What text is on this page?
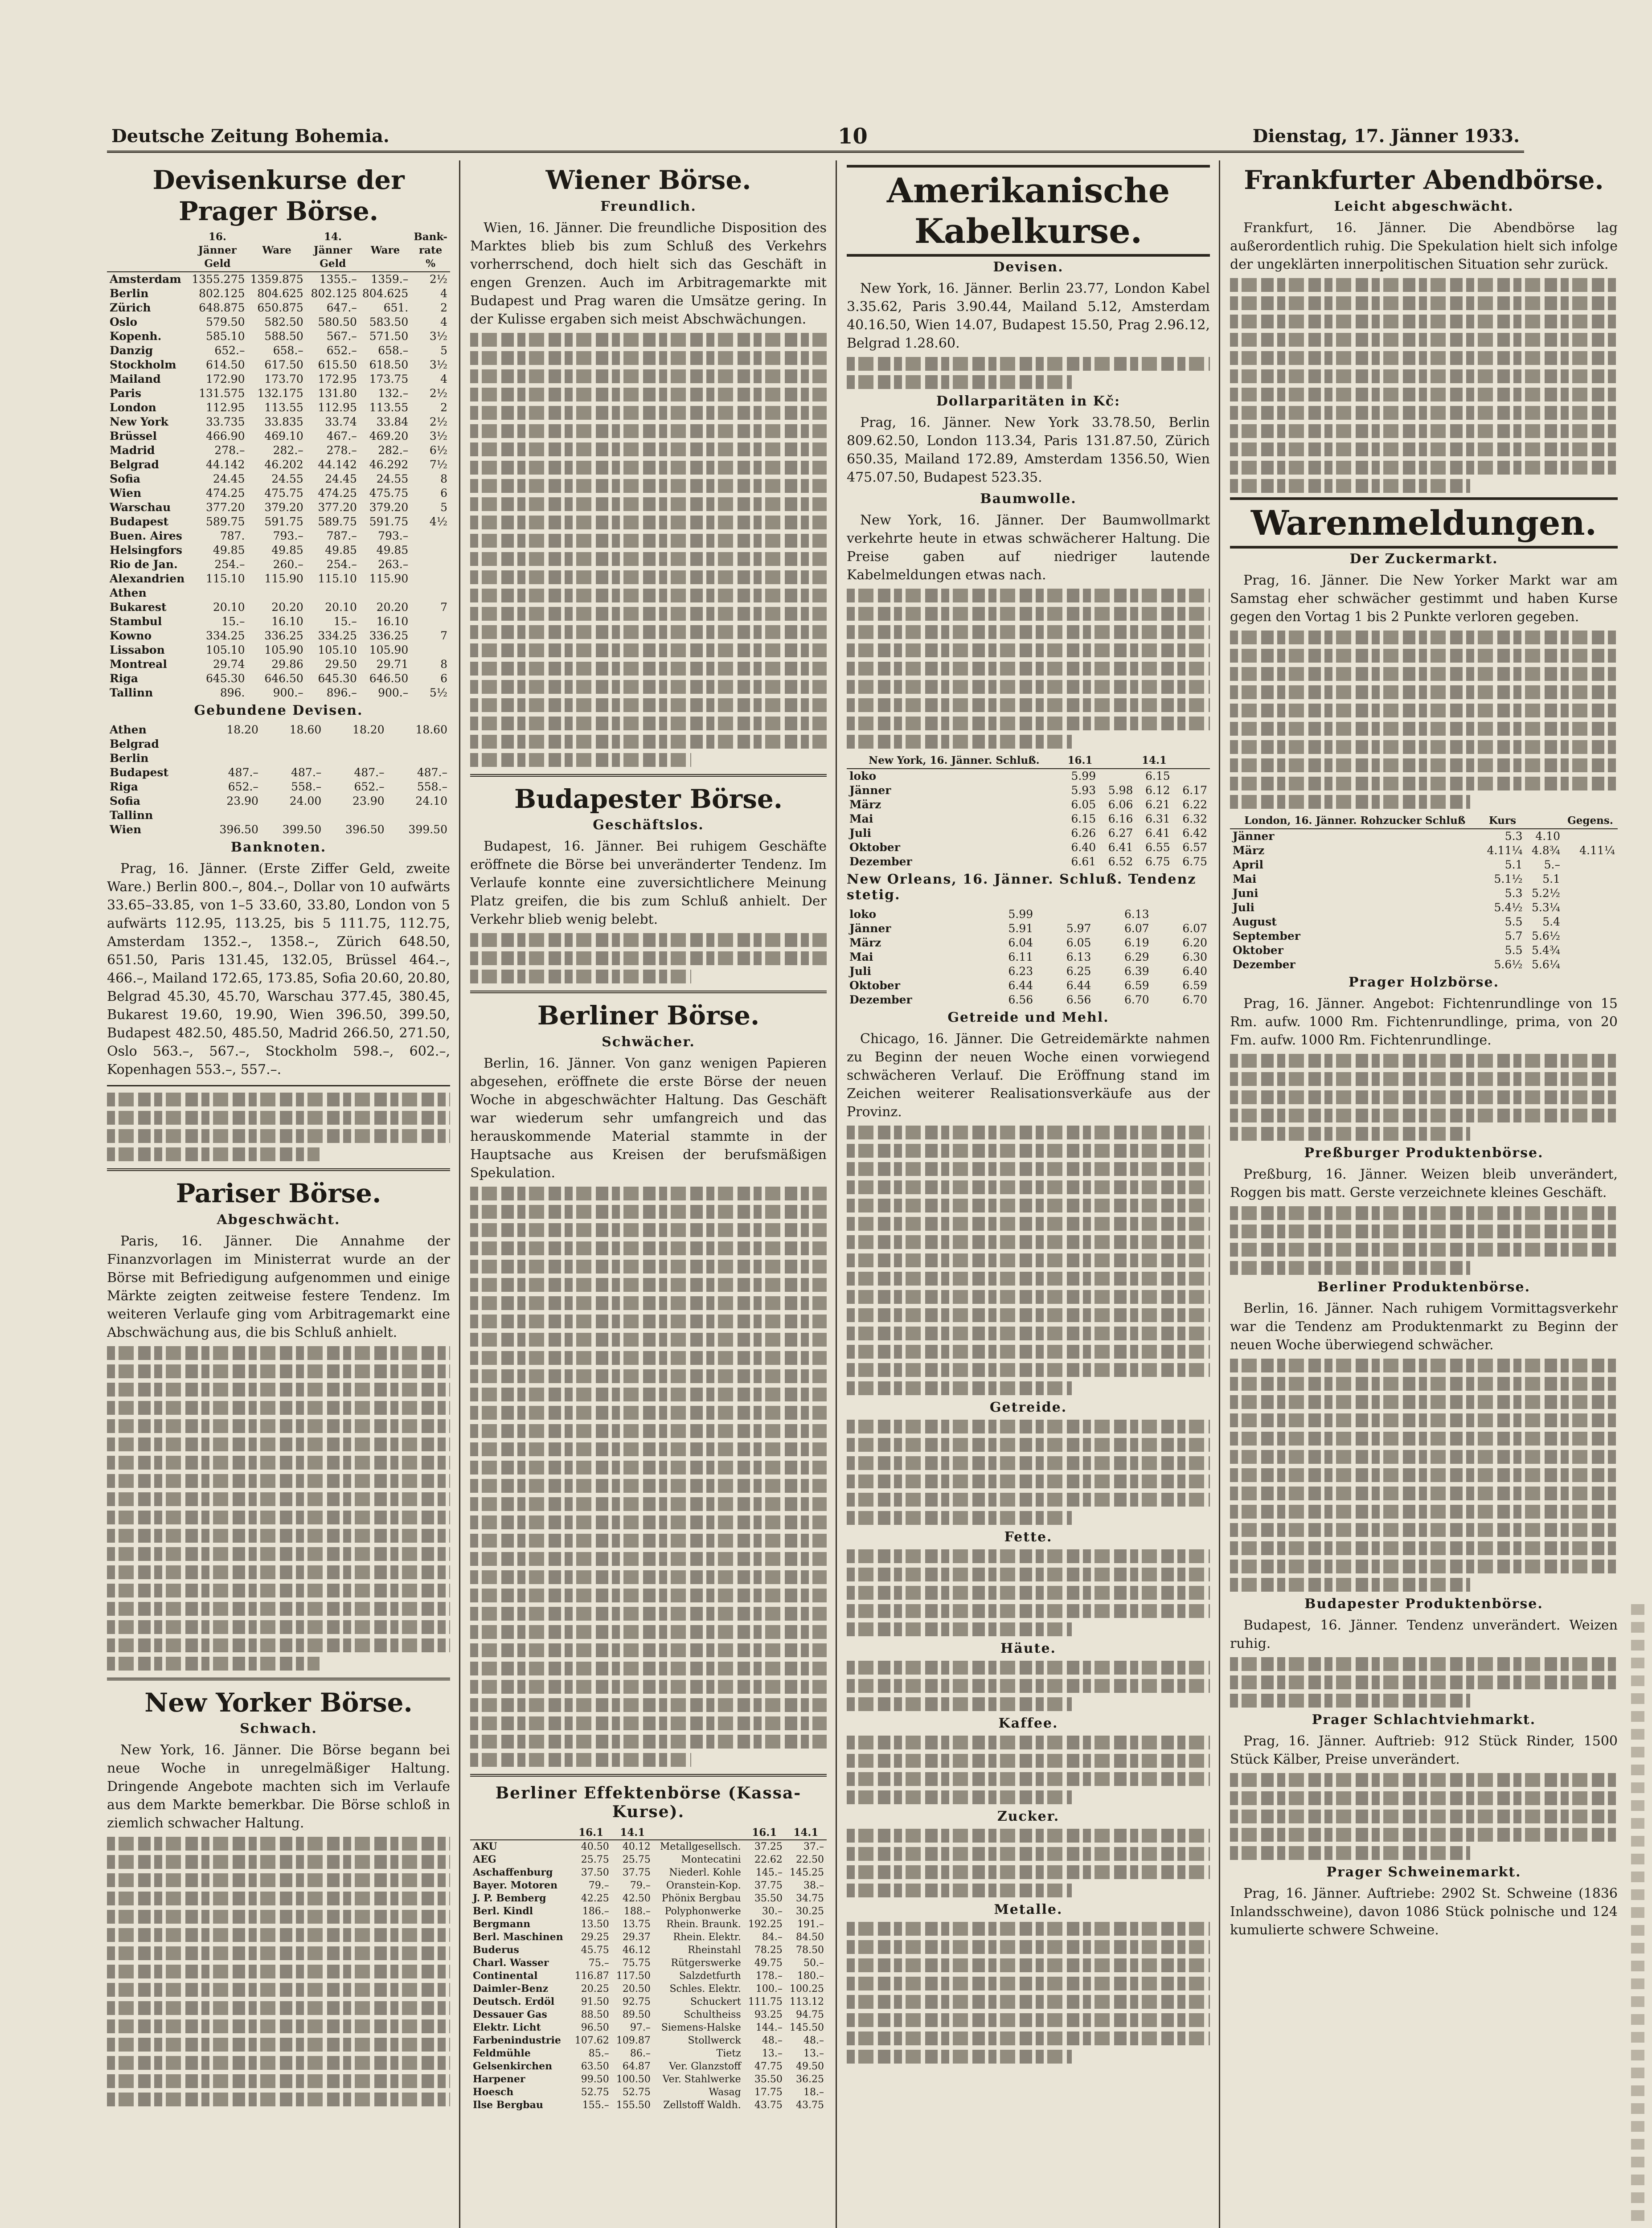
Deutsche Zeitung Bohemia.	10	Dienstag, 17. Jänner 1933.
Devisenkurse der Prager Börse.
	16. Jänner Geld	Ware	14. Jänner Geld	Ware	Bank-rate %
Amsterdam	1355.275	1359.875	1355.–	1359.–	2½
Berlin	802.125	804.625	802.125	804.625	4
Zürich	648.875	650.875	647.–	651.	2
Oslo	579.50	582.50	580.50	583.50	4
Kopenh.	585.10	588.50	567.–	571.50	3½
Danzig	652.–	658.–	652.–	658.–	5
Stockholm	614.50	617.50	615.50	618.50	3½
Mailand	172.90	173.70	172.95	173.75	4
Paris	131.575	132.175	131.80	132.–	2½
London	112.95	113.55	112.95	113.55	2
New York	33.735	33.835	33.74	33.84	2½
Brüssel	466.90	469.10	467.–	469.20	3½
Madrid	278.–	282.–	278.–	282.–	6½
Belgrad	44.142	46.202	44.142	46.292	7½
Sofia	24.45	24.55	24.45	24.55	8
Wien	474.25	475.75	474.25	475.75	6
Warschau	377.20	379.20	377.20	379.20	5
Budapest	589.75	591.75	589.75	591.75	4½
Buen. Aires	787.	793.–	787.–	793.–	
Helsingfors	49.85	49.85	49.85	49.85	
Rio de Jan.	254.–	260.–	254.–	263.–	
Alexandrien	115.10	115.90	115.10	115.90	
Athen					
Bukarest	20.10	20.20	20.10	20.20	7
Stambul	15.–	16.10	15.–	16.10	
Kowno	334.25	336.25	334.25	336.25	7
Lissabon	105.10	105.90	105.10	105.90	
Montreal	29.74	29.86	29.50	29.71	8
Riga	645.30	646.50	645.30	646.50	6
Tallinn	896.	900.–	896.–	900.–	5½
Gebundene Devisen.
Athen	18.20	18.60	18.20	18.60
Belgrad				
Berlin				
Budapest	487.–	487.–	487.–	487.–
Riga	652.–	558.–	652.–	558.–
Sofia	23.90	24.00	23.90	24.10
Tallinn				
Wien	396.50	399.50	396.50	399.50
Banknoten.
Prag, 16. Jänner. (Erste Ziffer Geld, zweite Ware.) Berlin 800.–, 804.–, Dollar von 10 aufwärts 33.65–33.85, von 1–5 33.60, 33.80, London von 5 aufwärts 112.95, 113.25, bis 5 111.75, 112.75, Amsterdam 1352.–, 1358.–, Zürich 648.50, 651.50, Paris 131.45, 132.05, Brüssel 464.–, 466.–, Mailand 172.65, 173.85, Sofia 20.60, 20.80, Belgrad 45.30, 45.70, Warschau 377.45, 380.45, Bukarest 19.60, 19.90, Wien 396.50, 399.50, Budapest 482.50, 485.50, Madrid 266.50, 271.50, Oslo 563.–, 567.–, Stockholm 598.–, 602.–, Kopenhagen 553.–, 557.–.
Pariser Börse.
Abgeschwächt.
Paris, 16. Jänner. Die Annahme der Finanzvorlagen im Ministerrat wurde an der Börse mit Befriedigung aufgenommen und einige Märkte zeigten zeitweise festere Tendenz. Im weiteren Verlaufe ging vom Arbitragemarkt eine Abschwächung aus, die bis Schluß anhielt.
New Yorker Börse.
Schwach.
New York, 16. Jänner. Die Börse begann bei neue Woche in unregelmäßiger Haltung. Dringende Angebote machten sich im Verlaufe aus dem Markte bemerkbar. Die Börse schloß in ziemlich schwacher Haltung.
Wiener Börse.
Freundlich.
Wien, 16. Jänner. Die freundliche Disposition des Marktes blieb bis zum Schluß des Verkehrs vorherrschend, doch hielt sich das Geschäft in engen Grenzen. Auch im Arbitragemarkte mit Budapest und Prag waren die Umsätze gering. In der Kulisse ergaben sich meist Abschwächungen.
Budapester Börse.
Geschäftslos.
Budapest, 16. Jänner. Bei ruhigem Geschäfte eröffnete die Börse bei unveränderter Tendenz. Im Verlaufe konnte eine zuversichtlichere Meinung Platz greifen, die bis zum Schluß anhielt. Der Verkehr blieb wenig belebt.
Berliner Börse.
Schwächer.
Berlin, 16. Jänner. Von ganz wenigen Papieren abgesehen, eröffnete die erste Börse der neuen Woche in abgeschwächter Haltung. Das Geschäft war wiederum sehr umfangreich und das herauskommende Material stammte in der Hauptsache aus Kreisen der berufsmäßigen Spekulation.
Berliner Effektenbörse (Kassa-Kurse).
	16.1	14.1		16.1	14.1
AKU	40.50	40.12	Metallgesellsch.	37.25	37.–
AEG	25.75	25.75	Montecatini	22.62	22.50
Aschaffenburg	37.50	37.75	Niederl. Kohle	145.–	145.25
Bayer. Motoren	79.–	79.–	Oranstein-Kop.	37.75	38.–
J. P. Bemberg	42.25	42.50	Phönix Bergbau	35.50	34.75
Berl. Kindl	186.–	188.–	Polyphonwerke	30.–	30.25
Bergmann	13.50	13.75	Rhein. Braunk.	192.25	191.–
Berl. Maschinen	29.25	29.37	Rhein. Elektr.	84.–	84.50
Buderus	45.75	46.12	Rheinstahl	78.25	78.50
Charl. Wasser	75.–	75.75	Rütgerswerke	49.75	50.–
Continental	116.87	117.50	Salzdetfurth	178.–	180.–
Daimler-Benz	20.25	20.50	Schles. Elektr.	100.–	100.25
Deutsch. Erdöl	91.50	92.75	Schuckert	111.75	113.12
Dessauer Gas	88.50	89.50	Schultheiss	93.25	94.75
Elektr. Licht	96.50	97.–	Siemens-Halske	144.–	145.50
Farbenindustrie	107.62	109.87	Stollwerck	48.–	48.–
Feldmühle	85.–	86.–	Tietz	13.–	13.–
Gelsenkirchen	63.50	64.87	Ver. Glanzstoff	47.75	49.50
Harpener	99.50	100.50	Ver. Stahlwerke	35.50	36.25
Hoesch	52.75	52.75	Wasag	17.75	18.–
Ilse Bergbau	155.–	155.50	Zellstoff Waldh.	43.75	43.75
Amerikanische Kabelkurse.
Devisen.
New York, 16. Jänner. Berlin 23.77, London Kabel 3.35.62, Paris 3.90.44, Mailand 5.12, Amsterdam 40.16.50, Wien 14.07, Budapest 15.50, Prag 2.96.12, Belgrad 1.28.60.
Dollarparitäten in Kč:
Prag, 16. Jänner. New York 33.78.50, Berlin 809.62.50, London 113.34, Paris 131.87.50, Zürich 650.35, Mailand 172.89, Amsterdam 1356.50, Wien 475.07.50, Budapest 523.35.
Baumwolle.
New York, 16. Jänner. Der Baumwollmarkt verkehrte heute in etwas schwächerer Haltung. Die Preise gaben auf niedriger lautende Kabelmeldungen etwas nach.
New York, 16. Jänner. Schluß.	16.1		14.1	
loko	5.99		6.15	
Jänner	5.93	5.98	6.12	6.17
März	6.05	6.06	6.21	6.22
Mai	6.15	6.16	6.31	6.32
Juli	6.26	6.27	6.41	6.42
Oktober	6.40	6.41	6.55	6.57
Dezember	6.61	6.52	6.75	6.75
New Orleans, 16. Jänner. Schluß. Tendenz stetig.
loko	5.99		6.13	
Jänner	5.91	5.97	6.07	6.07
März	6.04	6.05	6.19	6.20
Mai	6.11	6.13	6.29	6.30
Juli	6.23	6.25	6.39	6.40
Oktober	6.44	6.44	6.59	6.59
Dezember	6.56	6.56	6.70	6.70
Getreide und Mehl.
Chicago, 16. Jänner. Die Getreidemärkte nahmen zu Beginn der neuen Woche einen vorwiegend schwächeren Verlauf. Die Eröffnung stand im Zeichen weiterer Realisationsverkäufe aus der Provinz.
Getreide.
Fette.
Häute.
Kaffee.
Zucker.
Metalle.
Frankfurter Abendbörse.
Leicht abgeschwächt.
Frankfurt, 16. Jänner. Die Abendbörse lag außerordentlich ruhig. Die Spekulation hielt sich infolge der ungeklärten innerpolitischen Situation sehr zurück.
Warenmeldungen.
Der Zuckermarkt.
Prag, 16. Jänner. Die New Yorker Markt war am Samstag eher schwächer gestimmt und haben Kurse gegen den Vortag 1 bis 2 Punkte verloren gegeben.
London, 16. Jänner. Rohzucker Schluß	Kurs		Gegens.
Jänner	5.3	4.10	
März	4.11¼	4.8¾	4.11¼
April	5.1	5.–	
Mai	5.1½	5.1	
Juni	5.3	5.2½	
Juli	5.4½	5.3¼	
August	5.5	5.4	
September	5.7	5.6½	
Oktober	5.5	5.4¾	
Dezember	5.6½	5.6¼	
Prager Holzbörse.
Prag, 16. Jänner. Angebot: Fichtenrundlinge von 15 Rm. aufw. 1000 Rm. Fichtenrundlinge, prima, von 20 Fm. aufw. 1000 Rm. Fichtenrundlinge.
Preßburger Produktenbörse.
Preßburg, 16. Jänner. Weizen bleib unverändert, Roggen bis matt. Gerste verzeichnete kleines Geschäft.
Berliner Produktenbörse.
Berlin, 16. Jänner. Nach ruhigem Vormittagsverkehr war die Tendenz am Produktenmarkt zu Beginn der neuen Woche überwiegend schwächer.
Budapester Produktenbörse.
Budapest, 16. Jänner. Tendenz unverändert. Weizen ruhig.
Prager Schlachtviehmarkt.
Prag, 16. Jänner. Auftrieb: 912 Stück Rinder, 1500 Stück Kälber, Preise unverändert.
Prager Schweinemarkt.
Prag, 16. Jänner. Auftriebe: 2902 St. Schweine (1836 Inlandsschweine), davon 1086 Stück polnische und 124 kumulierte schwere Schweine.
